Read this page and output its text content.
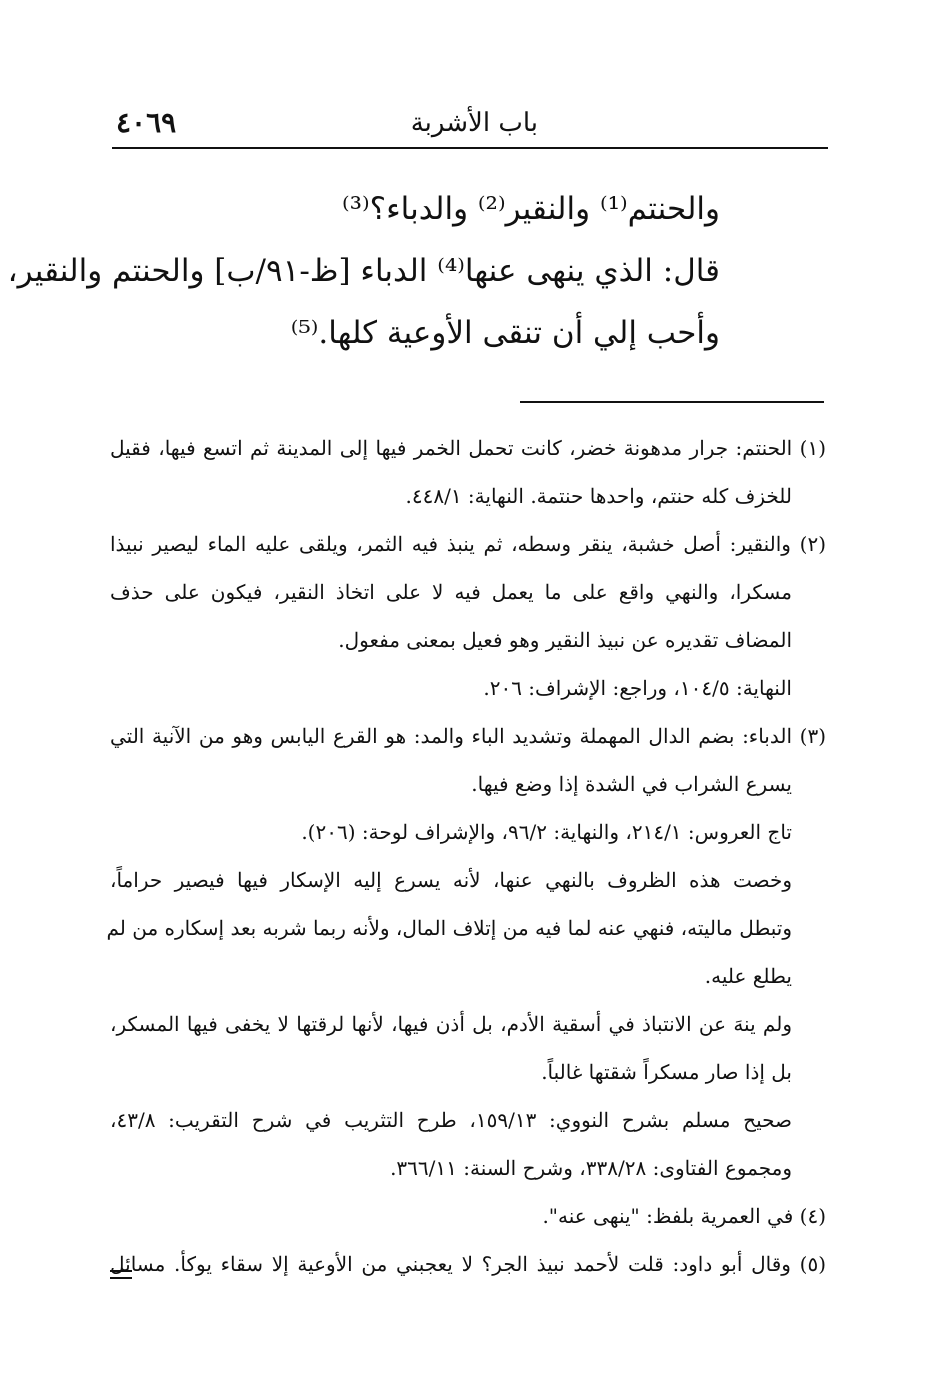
٤٠٦٩	باب الأشربة
والحنتم⁽¹⁾ والنقير⁽²⁾ والدباء؟⁽³⁾
قال: الذي ينهى عنها⁽⁴⁾ الدباء [ظ-٩١/ب] والحنتم والنقير،
وأحب إلي أن تنقى الأوعية كلها.⁽⁵⁾
(١) الحنتم: جرار مدهونة خضر، كانت تحمل الخمر فيها إلى المدينة ثم اتسع فيها، فقيل
للخزف كله حنتم، واحدها حنتمة. النهاية: ٤٤٨/١.
(٢) والنقير: أصل خشبة، ينقر وسطه، ثم ينبذ فيه الثمر، ويلقى عليه الماء ليصير نبيذا
مسكرا، والنهي واقع على ما يعمل فيه لا على اتخاذ النقير، فيكون على حذف
المضاف تقديره عن نبيذ النقير وهو فعيل بمعنى مفعول.
النهاية: ١٠٤/٥، وراجع: الإشراف: ٢٠٦.
(٣) الدباء: بضم الدال المهملة وتشديد الباء والمد: هو القرع اليابس وهو من الآنية التي
يسرع الشراب في الشدة إذا وضع فيها.
تاج العروس: ٢١٤/١، والنهاية: ٩٦/٢، والإشراف لوحة: (٢٠٦).
وخصت هذه الظروف بالنهي عنها، لأنه يسرع إليه الإسكار فيها فيصير حراماً،
وتبطل ماليته، فنهي عنه لما فيه من إتلاف المال، ولأنه ربما شربه بعد إسكاره من لم
يطلع عليه.
ولم ينهَ عن الانتباذ في أسقية الأدم، بل أذن فيها، لأنها لرقتها لا يخفى فيها المسكر،
بل إذا صار مسكراً شقتها غالباً.
صحيح مسلم بشرح النووي: ١٥٩/١٣، طرح التثريب في شرح التقريب: ٤٣/٨،
ومجموع الفتاوى: ٣٣٨/٢٨، وشرح السنة: ٣٦٦/١١.
(٤) في العمرية بلفظ: "ينهى عنه".
(٥) وقال أبو داود: قلت لأحمد نبيذ الجر؟ لا يعجبني من الأوعية إلا سقاء يوكأ. مسائل
